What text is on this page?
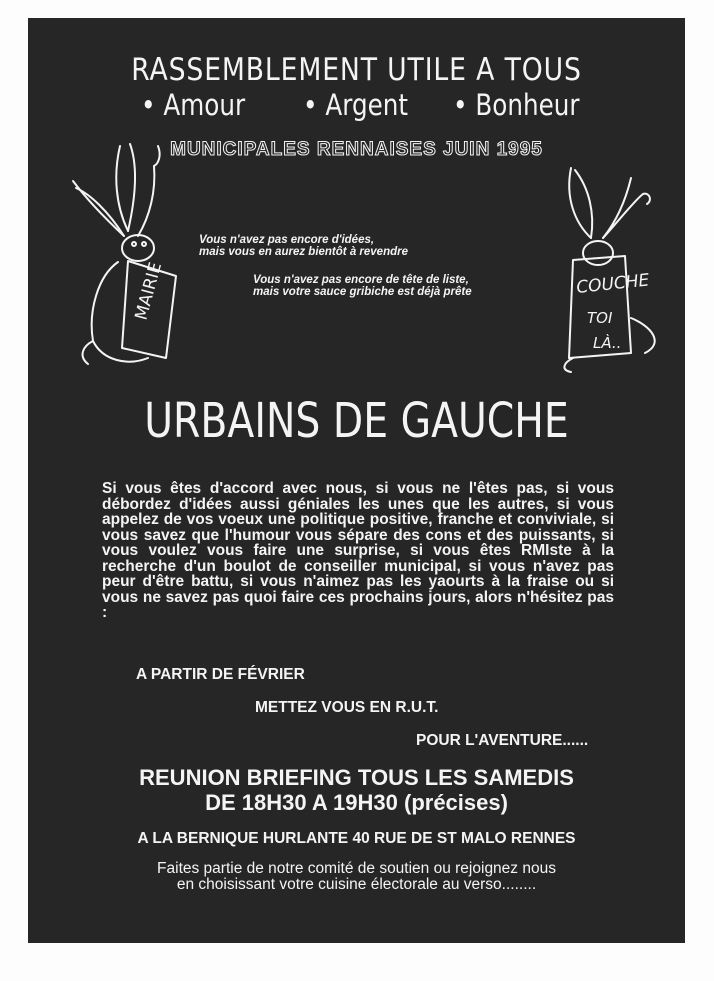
RASSEMBLEMENT UTILE A TOUS
• Amour • Argent • Bonheur
MUNICIPALES RENNAISES JUIN 1995
MAIRIE	COUCHE
TOI
LÀ..
Vous n'avez pas encore d'idées,
mais vous en aurez bientôt à revendre
Vous n'avez pas encore de tête de liste,
mais votre sauce gribiche est déjà prête
URBAINS DE GAUCHE
Si vous êtes d'accord avec nous, si vous ne l'êtes pas, si vous débordez d'idées aussi géniales les unes que les autres, si vous appelez de vos voeux une politique positive, franche et conviviale, si vous savez que l'humour vous sépare des cons et des puissants, si vous voulez vous faire une surprise, si vous êtes RMIste à la recherche d'un boulot de conseiller municipal, si vous n'avez pas peur d'être battu, si vous n'aimez pas les yaourts à la fraise ou si vous ne savez pas quoi faire ces prochains jours, alors n'hésitez pas :
A PARTIR DE FÉVRIER
METTEZ VOUS EN R.U.T.
POUR L'AVENTURE......
REUNION BRIEFING TOUS LES SAMEDIS
DE 18H30 A 19H30 (précises)
A LA BERNIQUE HURLANTE 40 RUE DE ST MALO RENNES
Faites partie de notre comité de soutien ou rejoignez nous
en choisissant votre cuisine électorale au verso........
